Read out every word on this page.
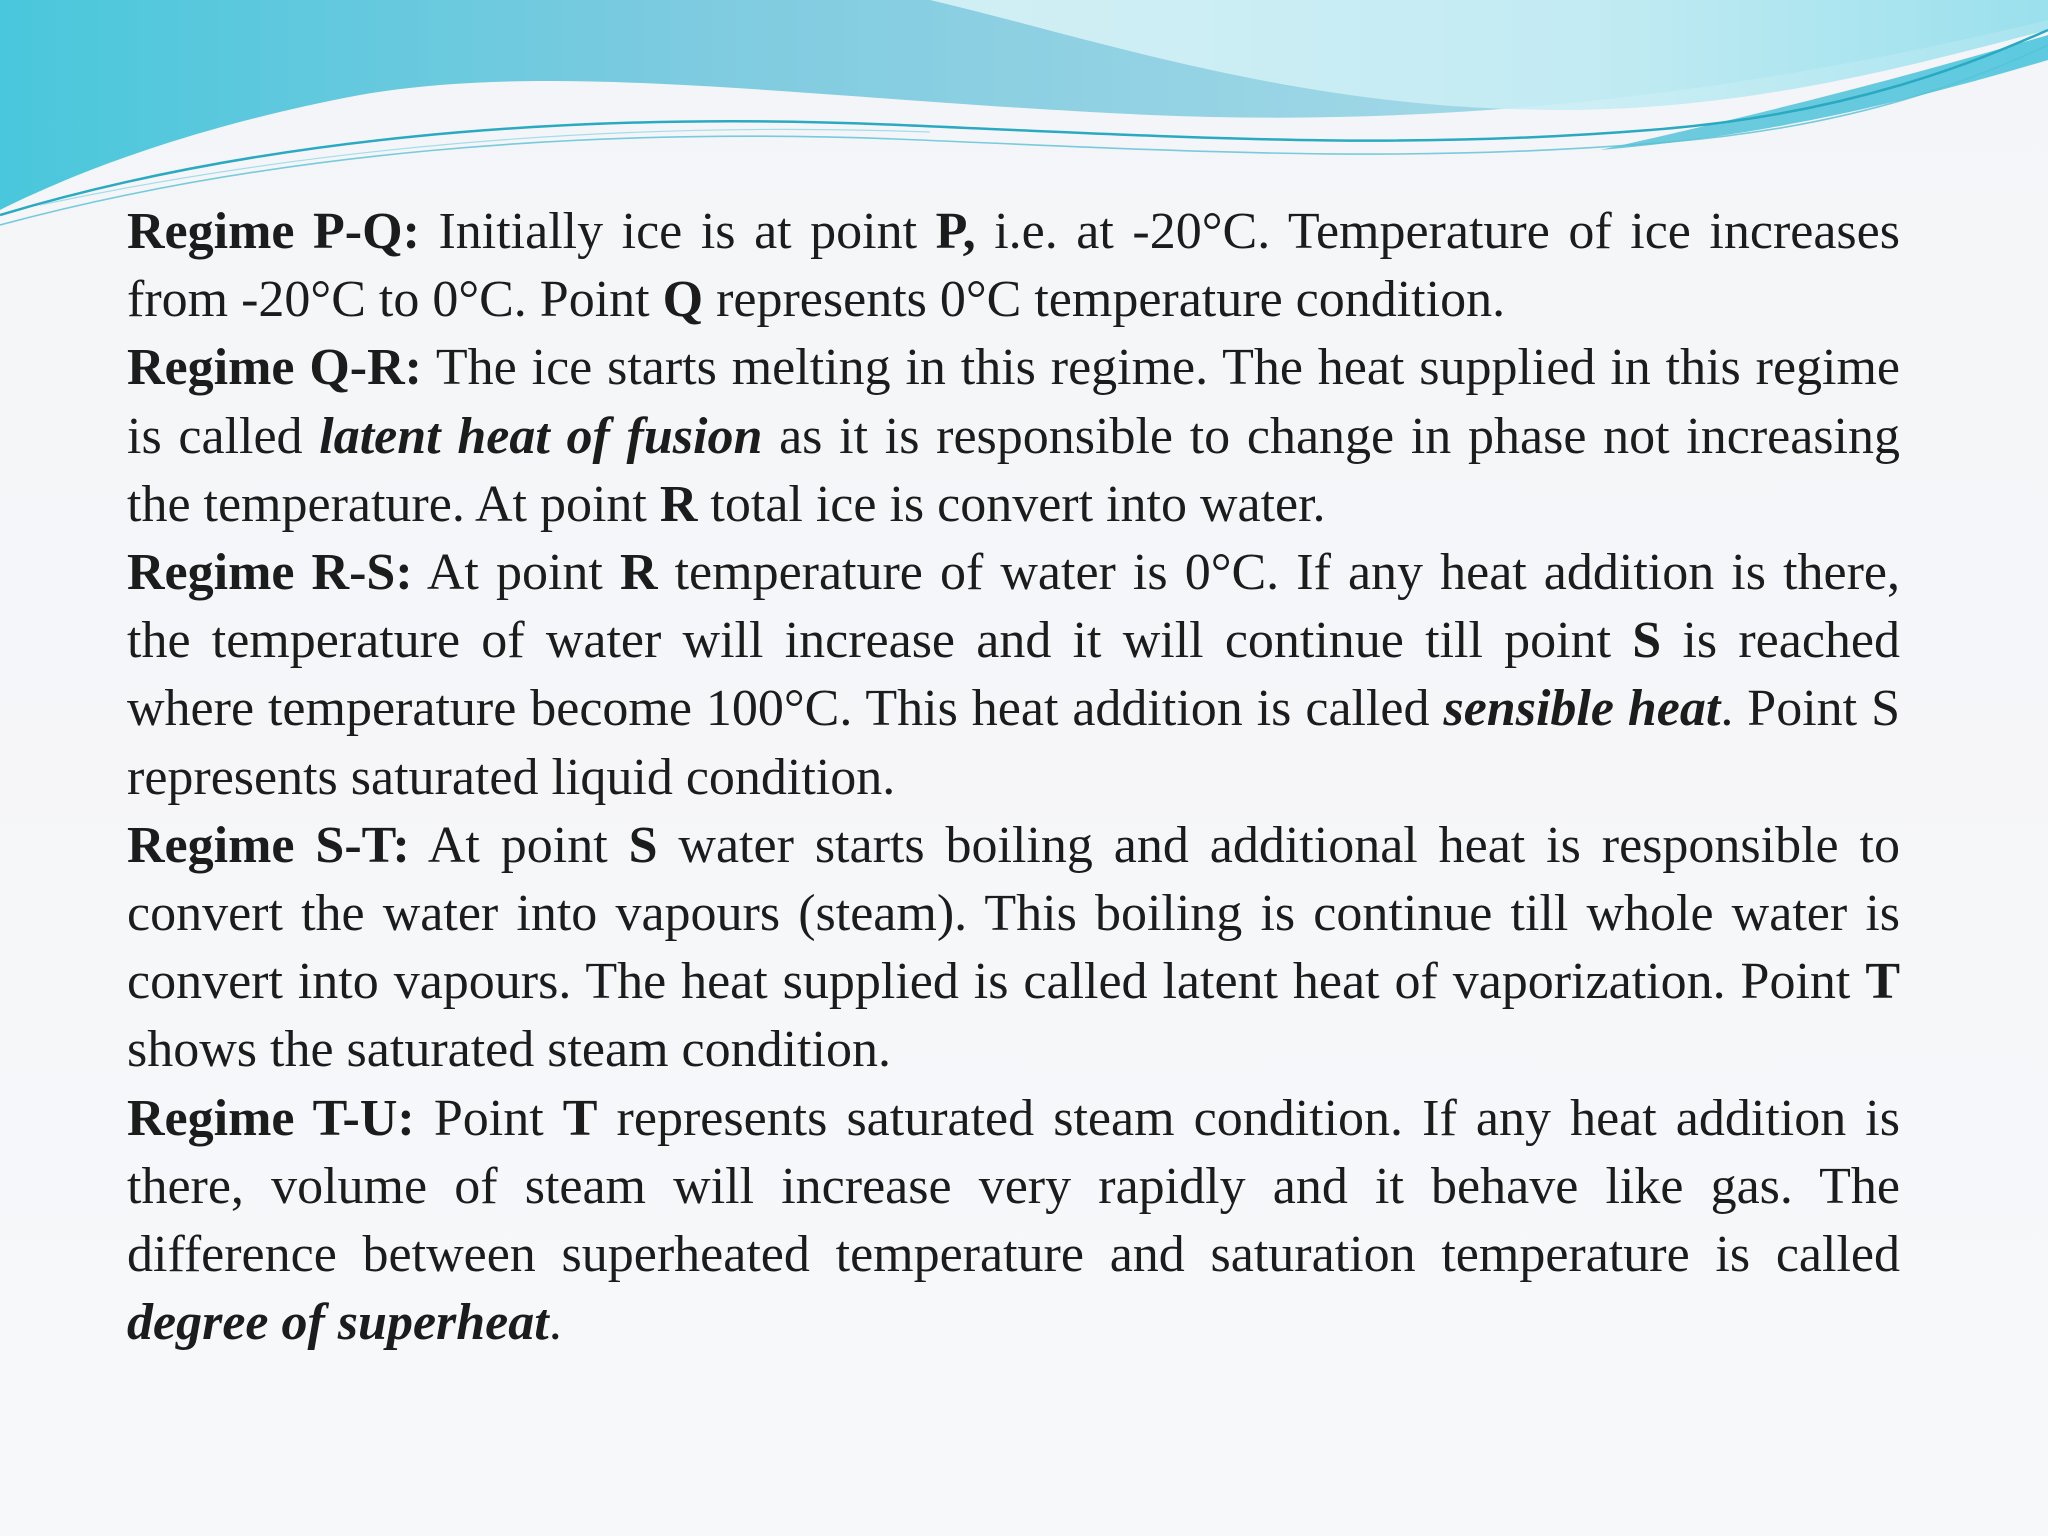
Regime P-Q: Initially ice is at point P, i.e. at -20°C. Temperature of ice increases from -20°C to 0°C. Point Q represents 0°C temperature condition.

Regime Q-R: The ice starts melting in this regime. The heat supplied in this regime is called latent heat of fusion as it is responsible to change in phase not increasing the temperature. At point R total ice is convert into water.

Regime R-S: At point R temperature of water is 0°C. If any heat addition is there, the temperature of water will increase and it will continue till point S is reached where temperature become 100°C. This heat addition is called sensible heat. Point S represents saturated liquid condition.

Regime S-T: At point S water starts boiling and additional heat is responsible to convert the water into vapours (steam). This boiling is continue till whole water is convert into vapours. The heat supplied is called latent heat of vaporization. Point T shows the saturated steam condition.

Regime T-U: Point T represents saturated steam condition. If any heat addition is there, volume of steam will increase very rapidly and it behave like gas. The difference between superheated temperature and saturation temperature is called degree of superheat.
